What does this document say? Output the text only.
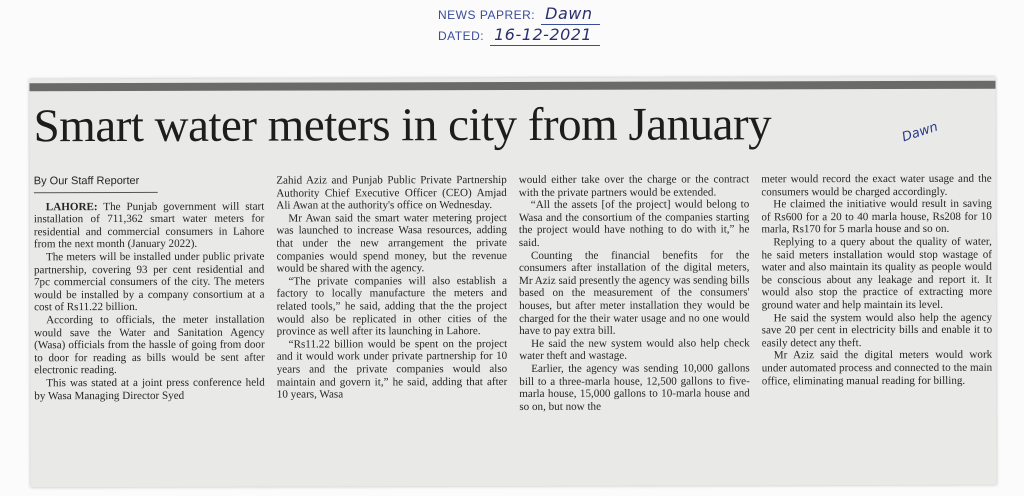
NEWS PAPRER: Dawn
DATED: 16-12-2021
Smart water meters in city from January	Dawn
By Our Staff Reporter

LAHORE: The Punjab government will start installation of 711,362 smart water meters for residential and commercial consumers in Lahore from the next month (January 2022).

The meters will be installed under public private partnership, covering 93 per cent residential and 7pc commercial consumers of the city. The meters would be installed by a company consortium at a cost of Rs11.22 billion.

According to officials, the meter installation would save the Water and Sanitation Agency (Wasa) officials from the hassle of going from door to door for reading as bills would be sent after electronic reading.

This was stated at a joint press conference held by Wasa Managing Director Syed

Zahid Aziz and Punjab Public Private Partnership Authority Chief Executive Officer (CEO) Amjad Ali Awan at the authority's office on Wednesday.

Mr Awan said the smart water metering project was launched to increase Wasa resources, adding that under the new arrangement the private companies would spend money, but the revenue would be shared with the agency.

“The private companies will also establish a factory to locally manufacture the meters and related tools,” he said, adding that the the project would also be replicated in other cities of the province as well after its launching in Lahore.

“Rs11.22 billion would be spent on the project and it would work under private partnership for 10 years and the private companies would also maintain and govern it,” he said, adding that after 10 years, Wasa

would either take over the charge or the contract with the private partners would be extended.

“All the assets [of the project] would belong to Wasa and the consortium of the companies starting the project would have nothing to do with it,” he said.

Counting the financial benefits for the consumers after installation of the digital meters, Mr Aziz said presently the agency was sending bills based on the measurement of the consumers' houses, but after meter installation they would be charged for the their water usage and no one would have to pay extra bill.

He said the new system would also help check water theft and wastage.

Earlier, the agency was sending 10,000 gallons bill to a three-marla house, 12,500 gallons to five-marla house, 15,000 gallons to 10-marla house and so on, but now the

meter would record the exact water usage and the consumers would be charged accordingly.

He claimed the initiative would result in saving of Rs600 for a 20 to 40 marla house, Rs208 for 10 marla, Rs170 for 5 marla house and so on.

Replying to a query about the quality of water, he said meters installation would stop wastage of water and also maintain its quality as people would be conscious about any leakage and report it. It would also stop the practice of extracting more ground water and help maintain its level.

He said the system would also help the agency save 20 per cent in electricity bills and enable it to easily detect any theft.

Mr Aziz said the digital meters would work under automated process and connected to the main office, eliminating manual reading for billing.
